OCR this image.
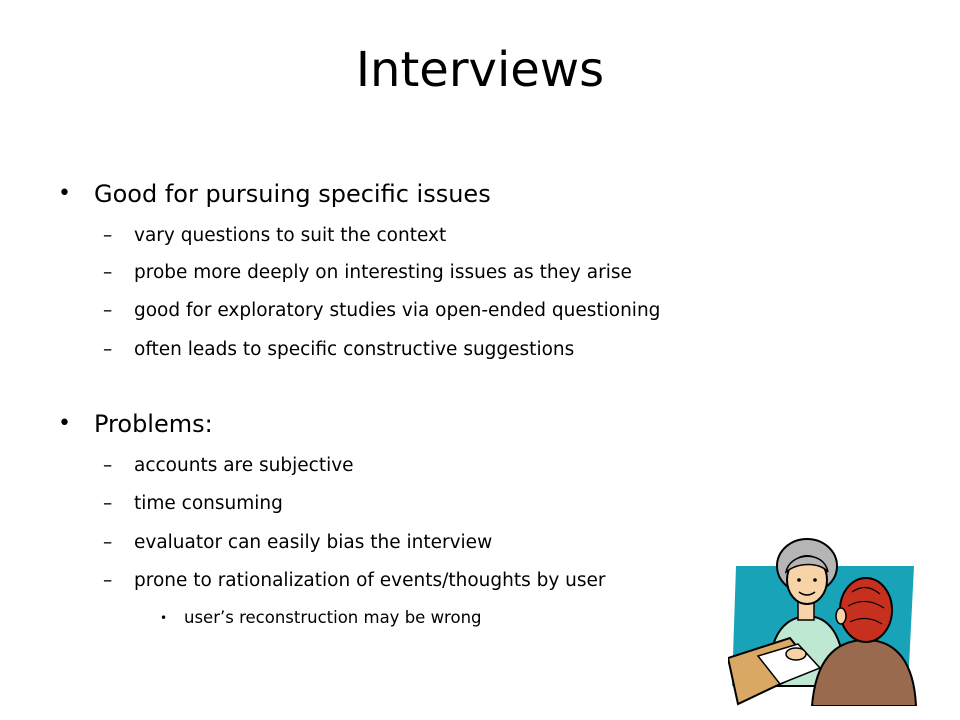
Interviews
• Good for pursuing specific issues
– vary questions to suit the context
– probe more deeply on interesting issues as they arise
– good for exploratory studies via open-ended questioning
– often leads to specific constructive suggestions
• Problems:
– accounts are subjective
– time consuming
– evaluator can easily bias the interview
– prone to rationalization of events/thoughts by user
• user’s reconstruction may be wrong
